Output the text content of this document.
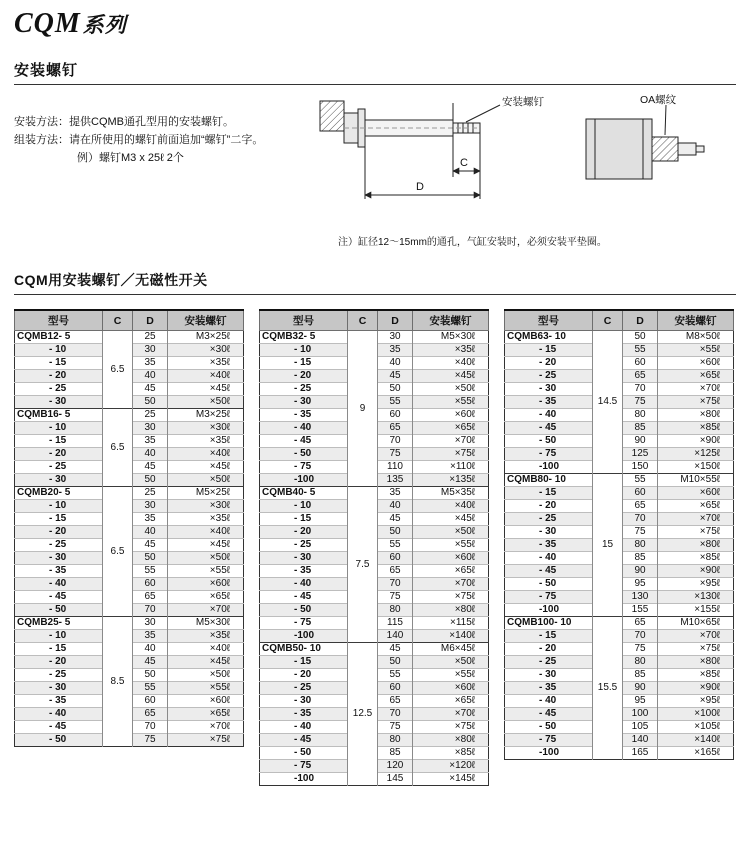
CQM系列
安装螺钉
安装方法：提供CQMB通孔型用的安装螺钉。
组装方法：请在所使用的螺钉前面追加“螺钉”二字。
例）螺钉M3 x 25ℓ 2个	C
D
安装螺钉	OA螺纹
注）缸径12～15mm的通孔，气缸安装时，必须安装平垫圈。
CQM用安装螺钉／无磁性开关
型号	C	D	安装螺钉
CQMB12- 5	6.5	25	M3×25ℓ
- 10		30	×30ℓ
- 15		35	×35ℓ
- 20		40	×40ℓ
- 25		45	×45ℓ
- 30		50	×50ℓ
CQMB16- 5	6.5	25	M3×25ℓ
- 10		30	×30ℓ
- 15		35	×35ℓ
- 20		40	×40ℓ
- 25		45	×45ℓ
- 30		50	×50ℓ
CQMB20- 5	6.5	25	M5×25ℓ
- 10		30	×30ℓ
- 15		35	×35ℓ
- 20		40	×40ℓ
- 25		45	×45ℓ
- 30		50	×50ℓ
- 35		55	×55ℓ
- 40		60	×60ℓ
- 45		65	×65ℓ
- 50		70	×70ℓ
CQMB25- 5	8.5	30	M5×30ℓ
- 10		35	×35ℓ
- 15		40	×40ℓ
- 20		45	×45ℓ
- 25		50	×50ℓ
- 30		55	×55ℓ
- 35		60	×60ℓ
- 40		65	×65ℓ
- 45		70	×70ℓ
- 50		75	×75ℓ
型号	C	D	安装螺钉
CQMB32- 5	9	30	M5×30ℓ
- 10		35	×35ℓ
- 15		40	×40ℓ
- 20		45	×45ℓ
- 25		50	×50ℓ
- 30		55	×55ℓ
- 35		60	×60ℓ
- 40		65	×65ℓ
- 45		70	×70ℓ
- 50		75	×75ℓ
- 75		110	×110ℓ
-100		135	×135ℓ
CQMB40- 5	7.5	35	M5×35ℓ
- 10		40	×40ℓ
- 15		45	×45ℓ
- 20		50	×50ℓ
- 25		55	×55ℓ
- 30		60	×60ℓ
- 35		65	×65ℓ
- 40		70	×70ℓ
- 45		75	×75ℓ
- 50		80	×80ℓ
- 75		115	×115ℓ
-100		140	×140ℓ
CQMB50- 10	12.5	45	M6×45ℓ
- 15		50	×50ℓ
- 20		55	×55ℓ
- 25		60	×60ℓ
- 30		65	×65ℓ
- 35		70	×70ℓ
- 40		75	×75ℓ
- 45		80	×80ℓ
- 50		85	×85ℓ
- 75		120	×120ℓ
-100		145	×145ℓ
型号	C	D	安装螺钉
CQMB63- 10	14.5	50	M8×50ℓ
- 15		55	×55ℓ
- 20		60	×60ℓ
- 25		65	×65ℓ
- 30		70	×70ℓ
- 35		75	×75ℓ
- 40		80	×80ℓ
- 45		85	×85ℓ
- 50		90	×90ℓ
- 75		125	×125ℓ
-100		150	×150ℓ
CQMB80- 10	15	55	M10×55ℓ
- 15		60	×60ℓ
- 20		65	×65ℓ
- 25		70	×70ℓ
- 30		75	×75ℓ
- 35		80	×80ℓ
- 40		85	×85ℓ
- 45		90	×90ℓ
- 50		95	×95ℓ
- 75		130	×130ℓ
-100		155	×155ℓ
CQMB100- 10	15.5	65	M10×65ℓ
- 15		70	×70ℓ
- 20		75	×75ℓ
- 25		80	×80ℓ
- 30		85	×85ℓ
- 35		90	×90ℓ
- 40		95	×95ℓ
- 45		100	×100ℓ
- 50		105	×105ℓ
- 75		140	×140ℓ
-100		165	×165ℓ
